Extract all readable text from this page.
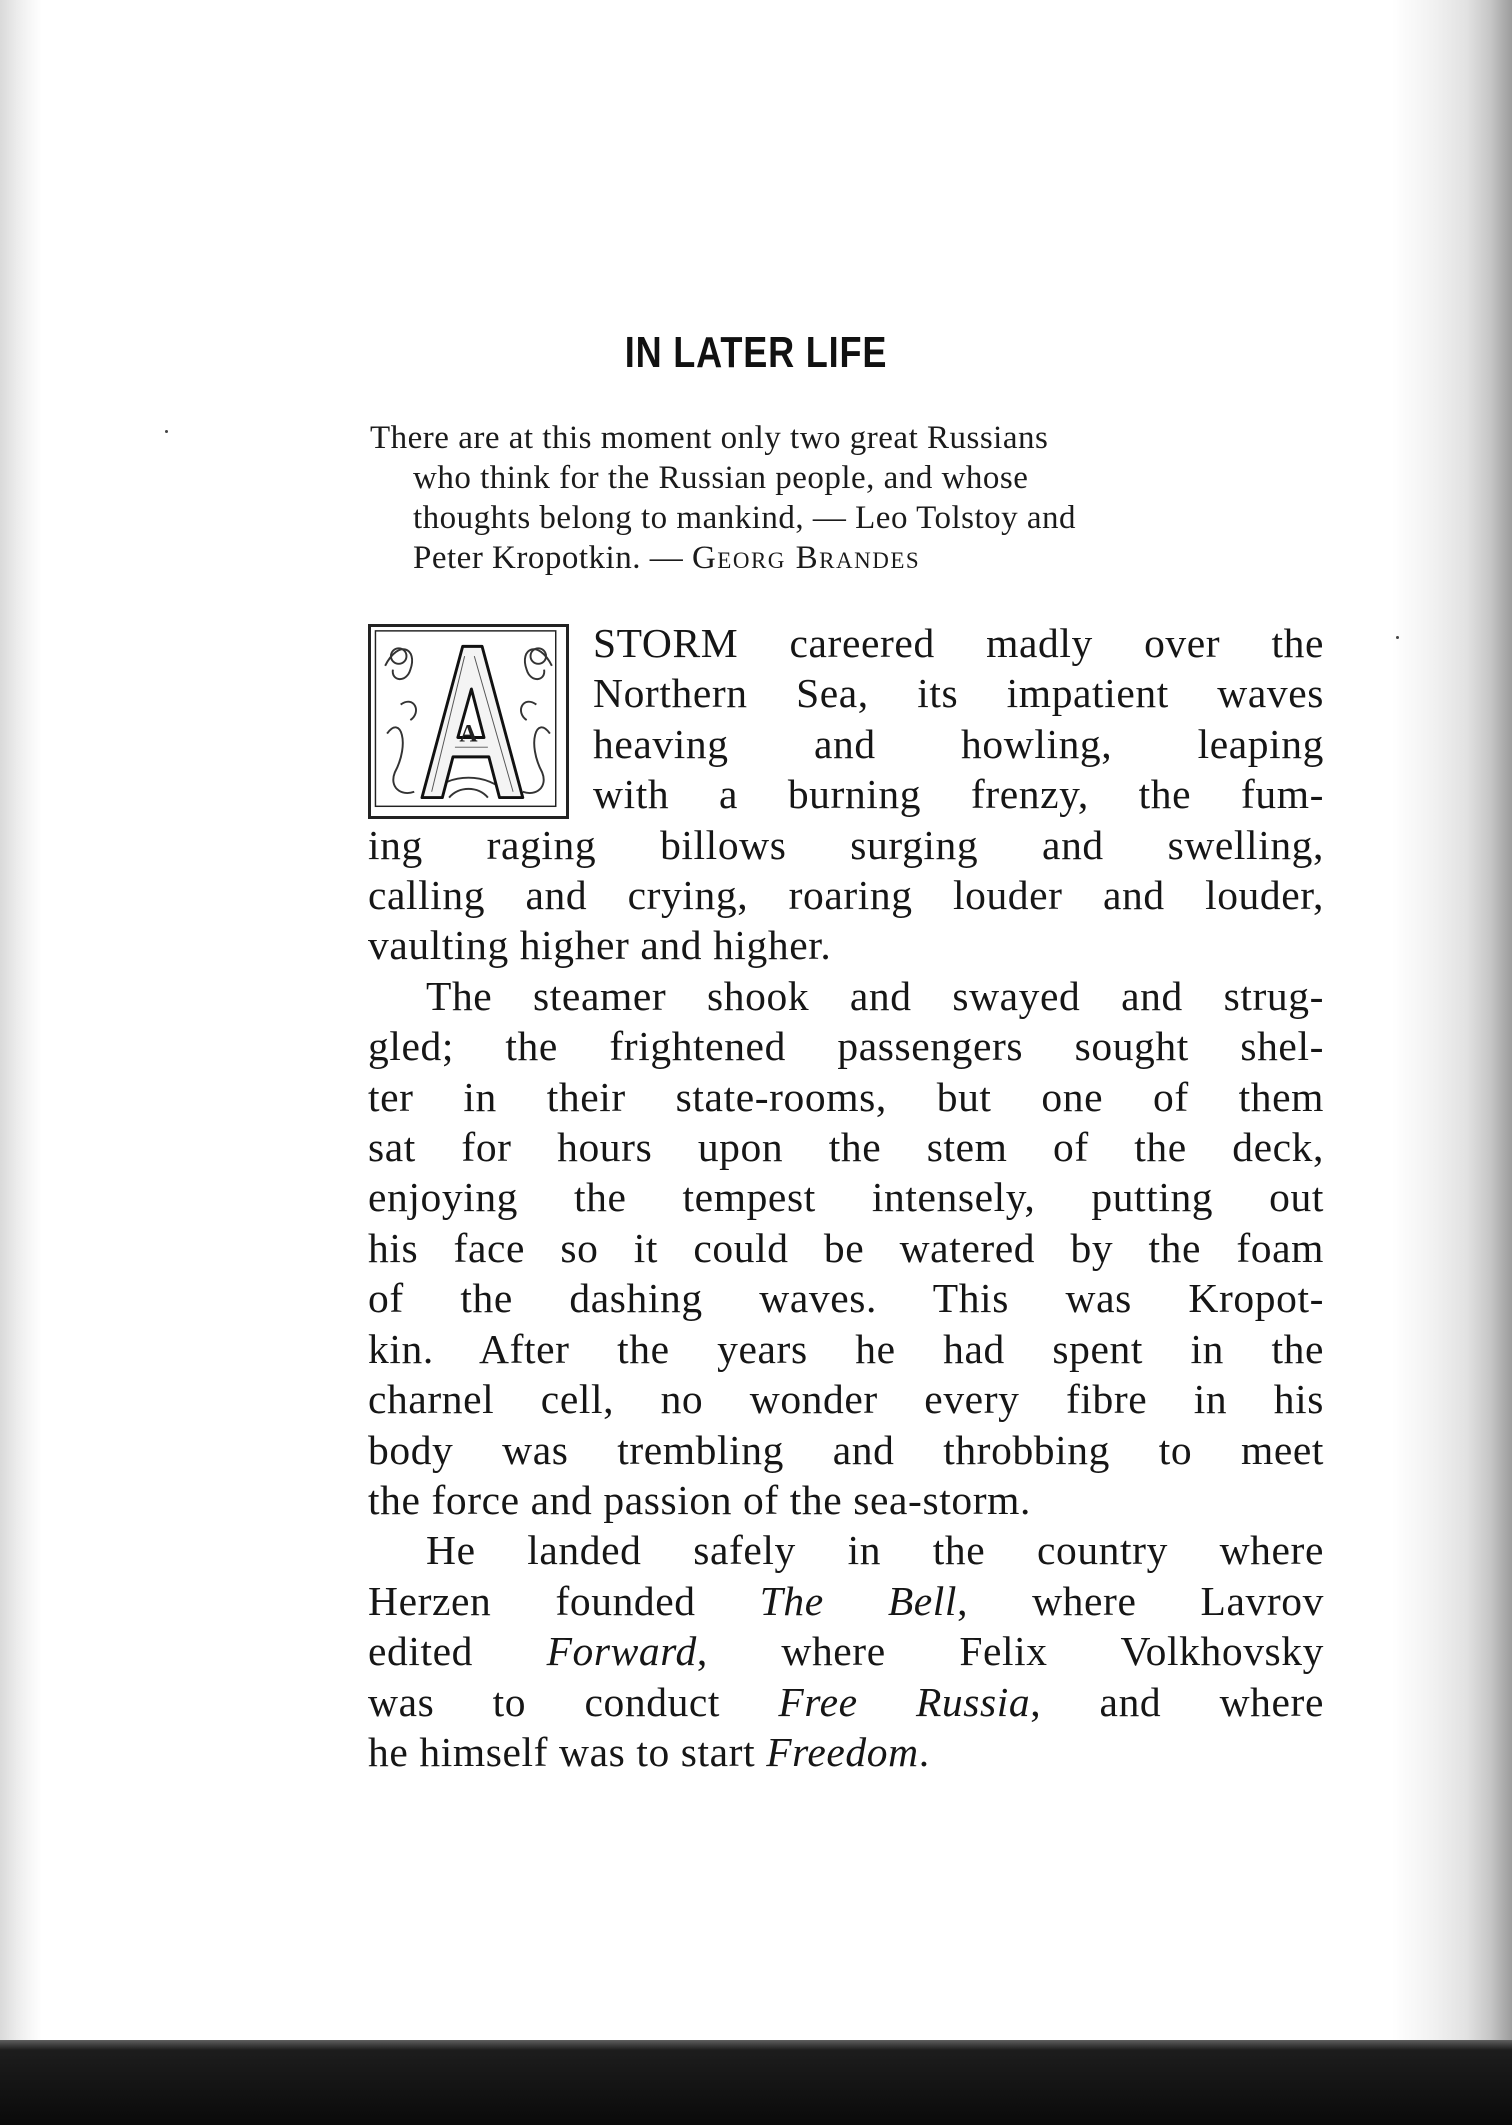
IN LATER LIFE
There are at this moment only two great Russians
who think for the Russian people, and whose
thoughts belong to mankind, — Leo Tolstoy and
Peter Kropotkin. — Georg Brandes
A
STORM careered madly over the
Northern Sea, its impatient waves
heaving and howling, leaping
with a burning frenzy, the fum-
ing raging billows surging and swelling,
calling and crying, roaring louder and louder,
vaulting higher and higher.
The steamer shook and swayed and strug-
gled; the frightened passengers sought shel-
ter in their state-rooms, but one of them
sat for hours upon the stem of the deck,
enjoying the tempest intensely, putting out
his face so it could be watered by the foam
of the dashing waves. This was Kropot-
kin. After the years he had spent in the
charnel cell, no wonder every fibre in his
body was trembling and throbbing to meet
the force and passion of the sea-storm.
He landed safely in the country where
Herzen founded The Bell, where Lavrov
edited Forward, where Felix Volkhovsky
was to conduct Free Russia, and where
he himself was to start Freedom.
